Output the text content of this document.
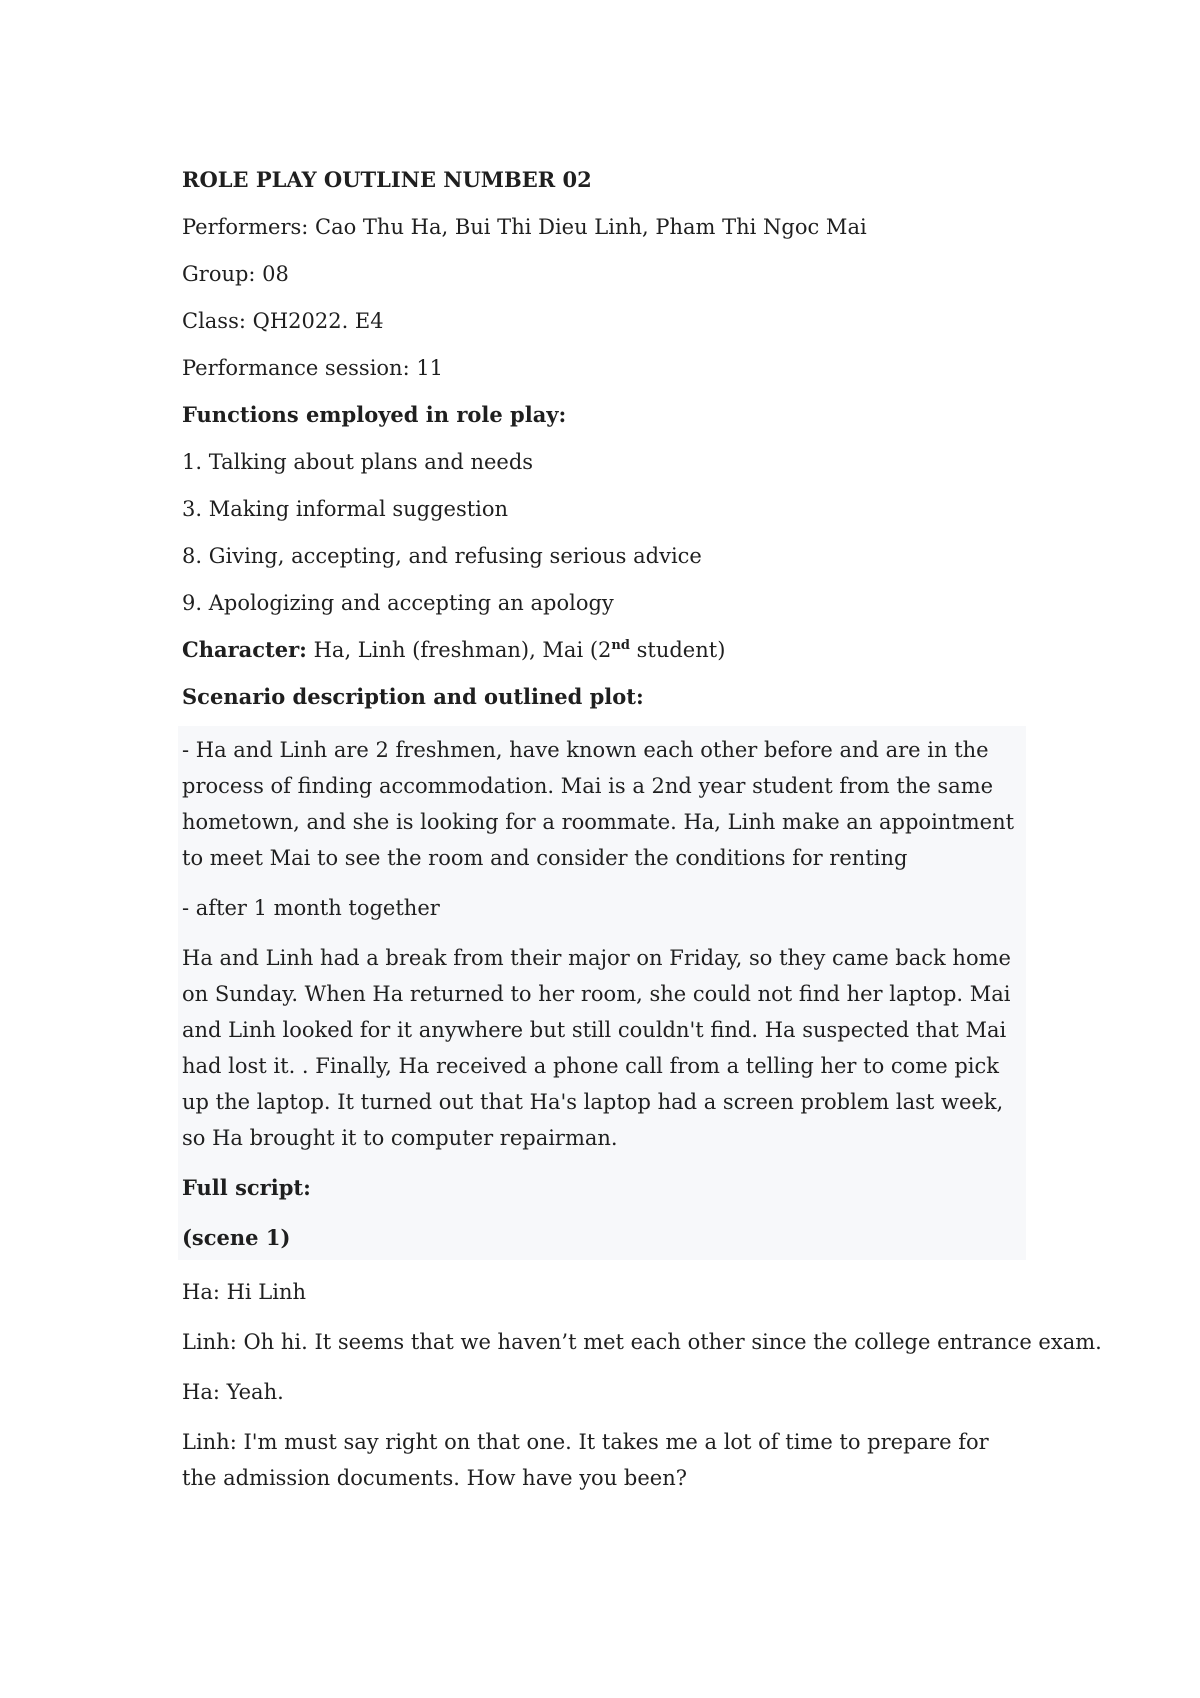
ROLE PLAY OUTLINE NUMBER 02
Performers: Cao Thu Ha, Bui Thi Dieu Linh, Pham Thi Ngoc Mai
Group: 08
Class: QH2022. E4
Performance session: 11
Functions employed in role play:
1. Talking about plans and needs
3. Making informal suggestion
8. Giving, accepting, and refusing serious advice
9. Apologizing and accepting an apology
Character: Ha, Linh (freshman), Mai (2nd student)
Scenario description and outlined plot:

- Ha and Linh are 2 freshmen, have known each other before and are in the process of finding accommodation. Mai is a 2nd year student from the same hometown, and she is looking for a roommate. Ha, Linh make an appointment to meet Mai to see the room and consider the conditions for renting

- after 1 month together

Ha and Linh had a break from their major on Friday, so they came back home on Sunday. When Ha returned to her room, she could not find her laptop. Mai and Linh looked for it anywhere but still couldn't find. Ha suspected that Mai had lost it. . Finally, Ha received a phone call from a telling her to come pick up the laptop. It turned out that Ha's laptop had a screen problem last week, so Ha brought it to computer repairman.

Full script:

(scene 1)

Ha: Hi Linh

Linh: Oh hi. It seems that we haven’t met each other since the college entrance exam.

Ha: Yeah.

Linh: I'm must say right on that one. It takes me a lot of time to prepare for the admission documents. How have you been?
